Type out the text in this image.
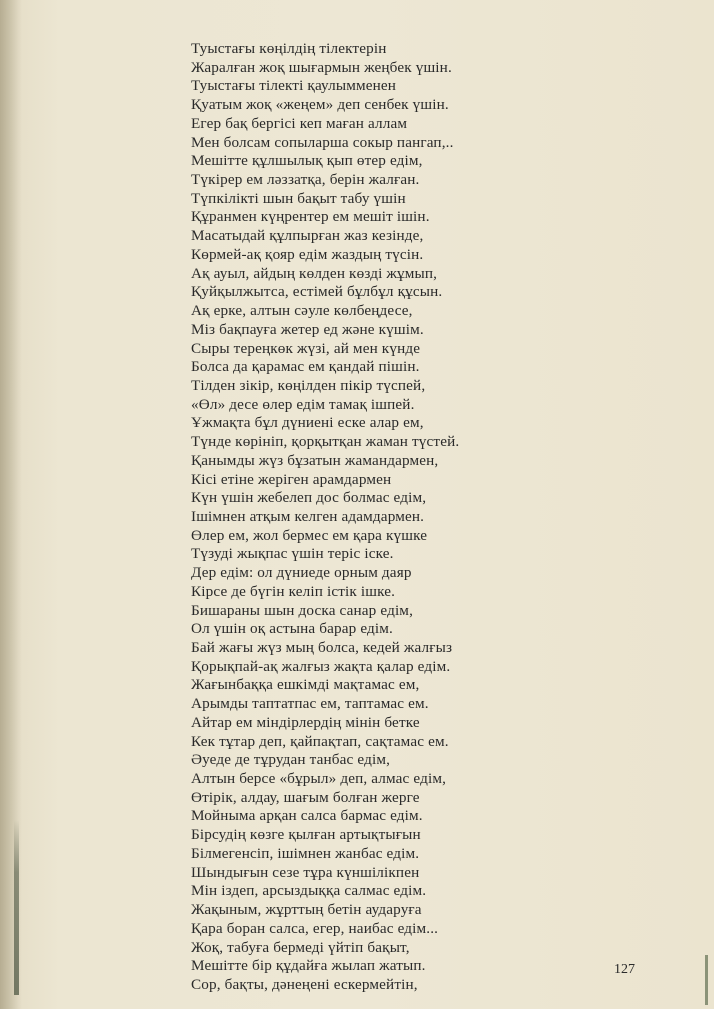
Туыстағы көңілдің тілектерін
Жаралған жоқ шығармын жеңбек үшін.
Туыстағы тілекті қаулымменен
Қуатым жоқ «жеңем» деп сенбек үшін.
Егер бақ бергісі кеп маған аллам
Мен болсам сопыларша сокыр пангап,..
Мешітте құлшылық қып өтер едім,
Түкірер ем ләззатқа, берін жалған.
Түпкілікті шын бақыт табу үшін
Құранмен күңрентер ем мешіт ішін.
Масатыдай құлпырған жаз кезінде,
Көрмей-ақ қояр едім жаздың түсін.
Ақ ауыл, айдың көлден көзді жұмып,
Қуйқылжытса, естімей бұлбұл құсын.
Ақ ерке, алтын сәуле көлбеңдесе,
Міз бақпауға жетер ед және күшім.
Сыры тереңкөк жүзі, ай мен күнде
Болса да қарамас ем қандай пішін.
Тілден зікір, көңілден пікір түспей,
«Өл» десе өлер едім тамақ ішпей.
Ұжмақта бұл дүниені еске алар ем,
Түнде көрініп, қорқытқан жаман түстей.
Қанымды жүз бұзатын жамандармен,
Кісі етіне жеріген арамдармен
Күн үшін жебелеп дос болмас едім,
Ішімнен атқым келген адамдармен.
Өлер ем, жол бермес ем қара күшке
Түзуді жықпас үшін теріс іске.
Дер едім: ол дүниеде орным даяр
Кірсе де бүгін келіп істік ішке.
Бишараны шын доска санар едім,
Ол үшін оқ астына барар едім.
Бай жағы жүз мың болса, кедей жалғыз
Қорықпай-ақ жалғыз жақта қалар едім.
Жағынбаққа ешкімді мақтамас ем,
Арымды таптатпас ем, таптамас ем.
Айтар ем міндірлердің мінін бетке
Кек тұтар деп, қайпақтап, сақтамас ем.
Әуеде де тұрудан танбас едім,
Алтын берсе «бұрыл» деп, алмас едім,
Өтірік, алдау, шағым болған жерге
Мойныма арқан салса бармас едім.
Бірсудің көзге қылған артықтығын
Білмегенсіп, ішімнен жанбас едім.
Шындығын сезе тұра күншілікпен
Мін іздеп, арсыздыққа салмас едім.
Жақыным, жұрттың бетін аударуға
Қара боран салса, егер, наибас едім...
Жоқ, табуға бермеді үйтіп бақыт,
Мешітте бір құдайға жылап жатып.
Сор, бақты, дәнеңені ескермейтін,
127
